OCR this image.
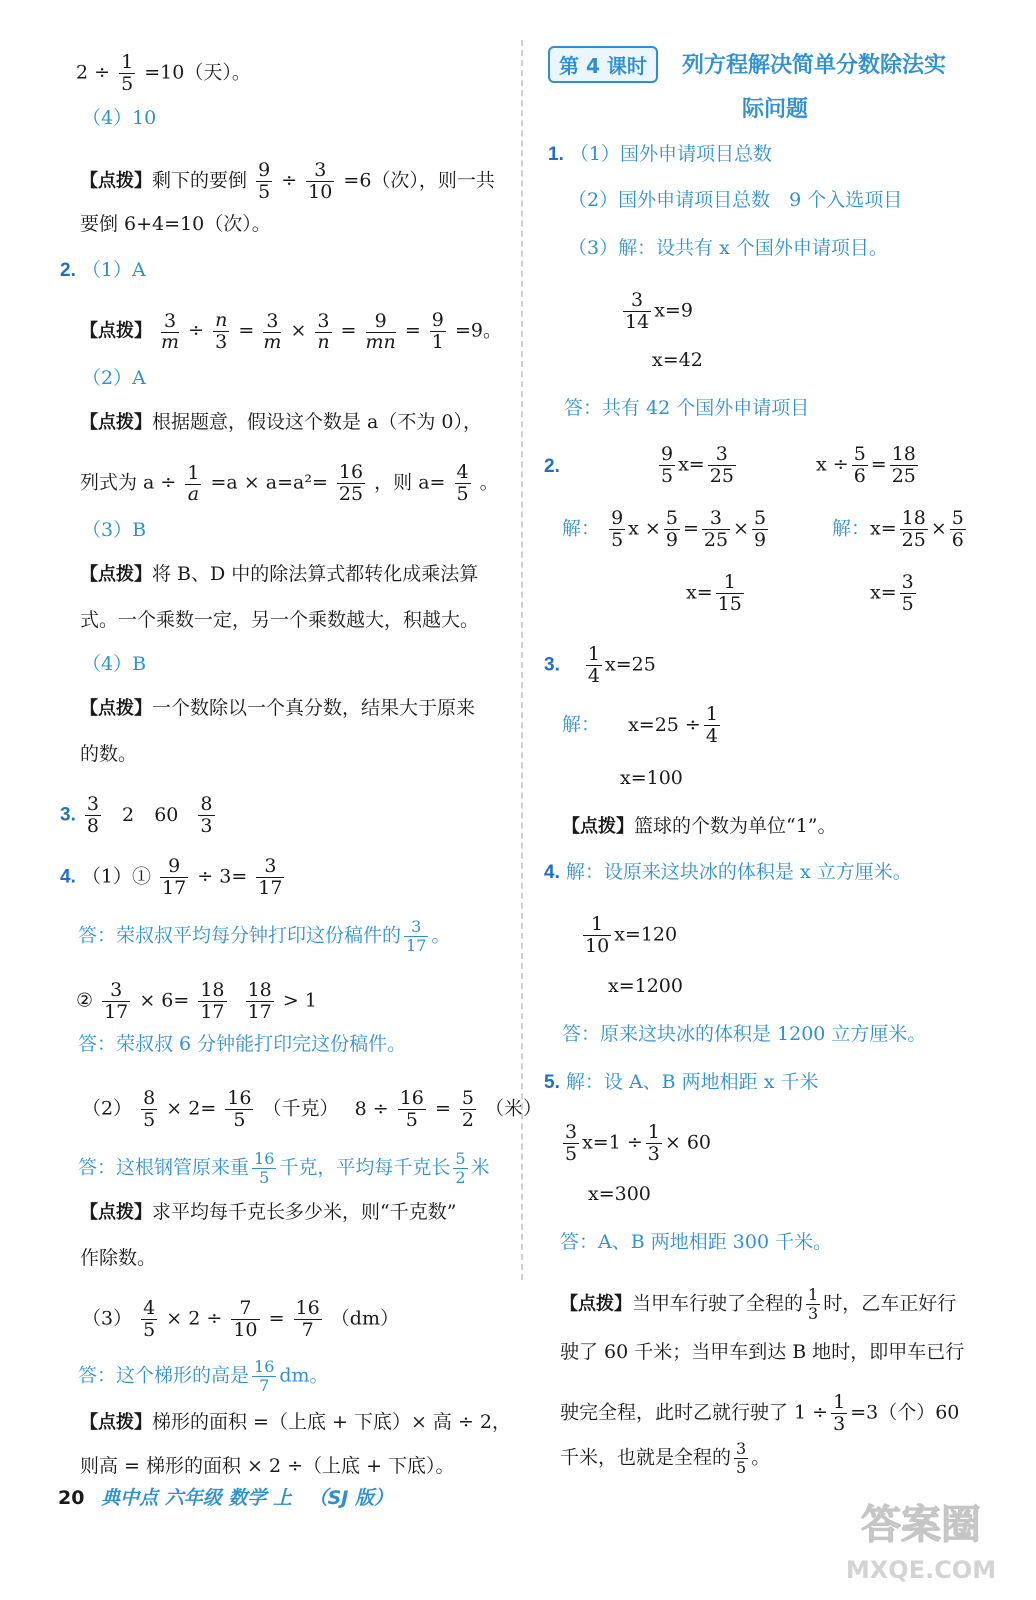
$2 \div \frac{1}{5} =10$（天）。
（4）10
【点拨】剩下的要倒 $\frac{9}{5} \div \frac{3}{10} =6$（次），则一共
要倒 6+4=10（次）。
2. （1）A
【点拨】 $\frac{3}{m} \div \frac{n}{3} = \frac{3}{m} \times \frac{3}{n} = \frac{9}{mn} = \frac{9}{1} =9$。
（2）A
【点拨】根据题意，假设这个数是 a（不为 0），
列式为 $a \div \frac{1}{a} =a \times a=a^2= \frac{16}{25}$ ，则 $a= \frac{4}{5}$ 。
（3）B
【点拨】将 B、D 中的除法算式都转化成乘法算
式。一个乘数一定，另一个乘数越大，积越大。
（4）B
【点拨】一个数除以一个真分数，结果大于原来
的数。
3. $\frac{3}{8} 2$ $60 \frac{8}{3}$
4. （1）① $\frac{9}{17} \div 3= \frac{3}{17}$
答：荣叔叔平均每分钟打印这份稿件的 $\frac{3}{17}$ 。
② $\frac{3}{17} \times 6= \frac{18}{17}$
$\frac{18}{17} > 1$
答：荣叔叔 6 分钟能打印完这份稿件。
$(2) \frac{8}{5} \times 2= \frac{16}{5}$ （千克） $8 \div \frac{16}{5} = \frac{5}{2}$ （米）
答：这根钢管原来重 $\frac{16}{5}$ 千克，平均每千克长 $\frac{5}{2}$ 米
【点拨】求平均每千克长多少米，则“千克数”
作除数。
$(3) \frac{4}{5} \times 2 \div \frac{7}{10} = \frac{16}{7} (dm)$
答：这个梯形的高是 $\frac{16}{7}$ dm。
【点拨】梯形的面积 =（上底 + 下底）× 高 ÷ 2，
则高 = 梯形的面积 × 2 ÷（上底 + 下底）。
第 4 课时	列方程解决简单分数除法实
际问题
1. （1）国外申请项目总数
（2）国外申请项目总数　9 个入选项目
（3）解：设共有 x 个国外申请项目。
$\frac{3}{14} x=9$
x=42
答：共有 42 个国外申请项目
2.	$\frac{9}{5} x= \frac{3}{25}$	$x \div \frac{5}{6} = \frac{18}{25}$
解： $\frac{9}{5}$ $x \times \frac{5}{9} = \frac{3}{25} \times \frac{5}{9}$	解：$x= \frac{18}{25} \times \frac{5}{6}$
$x= \frac{1}{15}$	$x= \frac{3}{5}$
3. $\frac{1}{4} x=25$
解： $x=25 \div \frac{1}{4}$
x=100
【点拨】篮球的个数为单位“1”。
4. 解：设原来这块冰的体积是 x 立方厘米。
$\frac{1}{10} x=120$
x=1200
答：原来这块冰的体积是 1200 立方厘米。
5. 解：设 A、B 两地相距 x 千米
$\frac{3}{5} x=1 \div \frac{1}{3} \times 60$
x=300
答：A、B 两地相距 300 千米。
【点拨】当甲车行驶了全程的 $\frac{1}{3}$ 时，乙车正好行
驶了 60 千米；当甲车到达 B 地时，即甲车已行
驶完全程，此时乙就行驶了 $1 \div \frac{1}{3} =3$（个）60
千米，也就是全程的 $\frac{3}{5}$ 。
20 典中点 六年级 数学 上 （SJ 版）
答案圈
MXQE.COM
